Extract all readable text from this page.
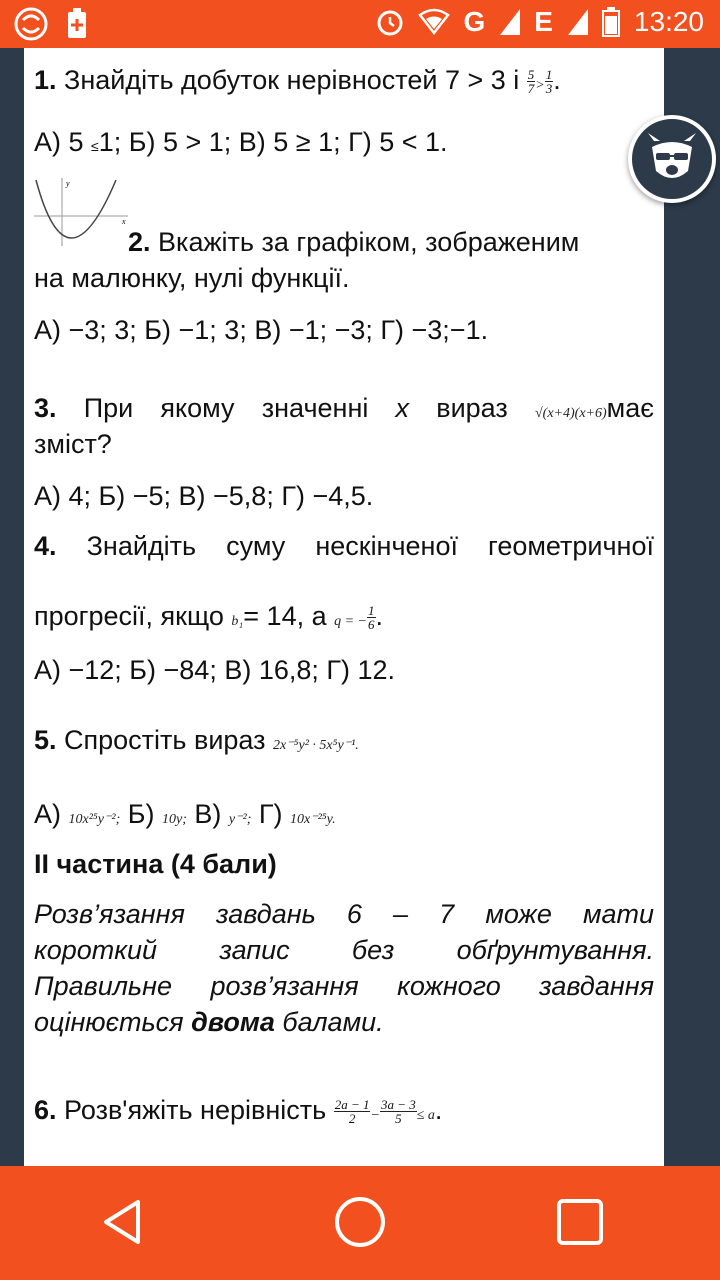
G E	13:20
1. Знайдіть добуток нерівностей 7 > 3 і $\frac{5}{7} > \frac{1}{3}$ .
А) 5 ≤1; Б) 5 > 1; В) 5 ≥ 1; Г) 5 < 1.
y
x
2. Вкажіть за графіком, зображеним
на малюнку, нулі функції.
А) −3; 3; Б) −1; 3; В) −1; −3; Г) −3;−1.
3. При якому значенні x вираз √(x+4)(x+6)має
зміст?
А) 4; Б) −5; В) −5,8; Г) −4,5.
4. Знайдіть суму нескінченої геометричної
прогресії, якщо b₁= 14, а q = − $\frac{1}{6}$ .
А) −12; Б) −84; В) 16,8; Г) 12.
5. Спростіть вираз 2x⁻⁵y² · 5x⁵y⁻¹.
А) 10x²⁵y⁻²; Б) 10y; В) y⁻²; Г) 10x⁻²⁵y.
ІІ частина (4 бали)
Розв’язання завдань 6 – 7 може мати
короткий запис без обґрунтування.
Правильне розв’язання кожного завдання
оцінюється двома балами.
6. Розв'яжіть нерівність $\frac{2a - 1}{2} - \frac{3a - 3}{5} \le a$.
